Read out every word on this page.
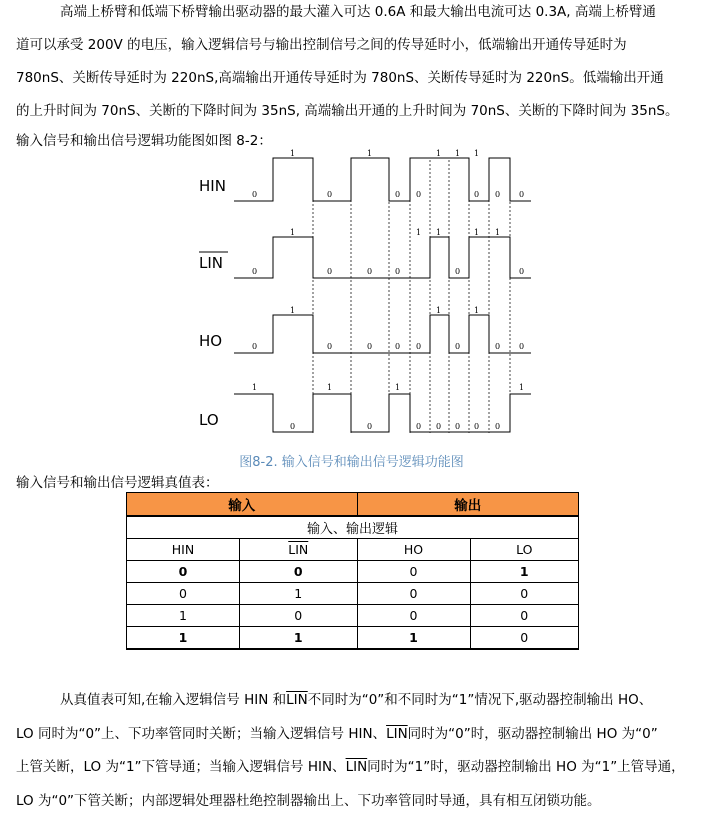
高端上桥臂和低端下桥臂输出驱动器的最大灌入可达 0.6A 和最大输出电流可达 0.3A, 高端上桥臂通

道可以承受 200V 的电压，输入逻辑信号与输出控制信号之间的传导延时小，低端输出开通传导延时为

780nS、关断传导延时为 220nS,高端输出开通传导延时为 780nS、关断传导延时为 220nS。低端输出开通

的上升时间为 70nS、关断的下降时间为 35nS, 高端输出开通的上升时间为 70nS、关断的下降时间为 35nS。

输入信号和输出信号逻辑功能图如图 8-2：

HIN
LIN
HO
LO
0
1
0
1
0 0
1 1 1
0 0 0
0
1
0	0	0
1 1
0
1 1
0
0
1
0	0	0 0
1
0
1
0 0
1
0
1
0
1
0 0 0 0 0
1
图8-2. 输入信号和输出信号逻辑功能图
输入信号和输出信号逻辑真值表：
输入		输出	
输入、输出逻辑			
HIN	$\overline{LIN}$	HO	LO
0	0	0	1
0	1	0	0
1	0	0	0
1	1	1	0

从真值表可知,在输入逻辑信号 HIN 和$\overline{LIN}$不同时为“0”和不同时为“1”情况下,驱动器控制输出 HO、

LO 同时为“0”上、下功率管同时关断；当输入逻辑信号 HIN、$\overline{LIN}$同时为“0”时，驱动器控制输出 HO 为“0”

上管关断，LO 为“1”下管导通；当输入逻辑信号 HIN、$\overline{LIN}$同时为“1”时，驱动器控制输出 HO 为“1”上管导通，

LO 为“0”下管关断；内部逻辑处理器杜绝控制器输出上、下功率管同时导通，具有相互闭锁功能。
